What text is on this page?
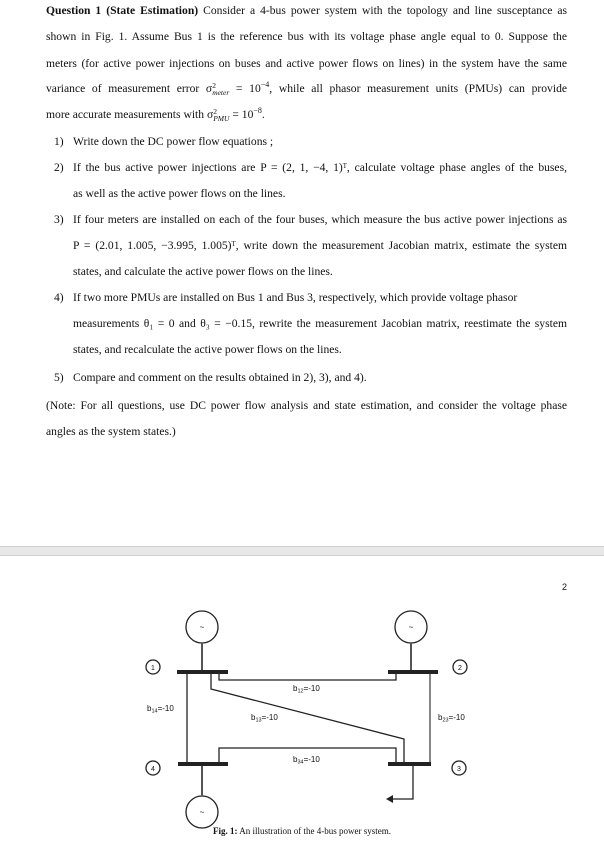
Question 1 (State Estimation) Consider a 4-bus power system with the topology and line susceptance as
shown in Fig. 1. Assume Bus 1 is the reference bus with its voltage phase angle equal to 0. Suppose the
meters (for active power injections on buses and active power flows on lines) in the system have the same
variance of measurement error σ2
meter = $10^{-4}$, while all phasor measurement units (PMUs) can provide
more accurate measurements with σ2
PMU = $10^{-8}$.
1) Write down the DC power flow equations ;
2) If the bus active power injections are P = (2, 1, −4, 1)ᵀ, calculate voltage phase angles of the buses,
as well as the active power flows on the lines.
3) If four meters are installed on each of the four buses, which measure the bus active power injections as
P = (2.01, 1.005, −3.995, 1.005)ᵀ, write down the measurement Jacobian matrix, estimate the system
states, and calculate the active power flows on the lines.
4) If two more PMUs are installed on Bus 1 and Bus 3, respectively, which provide voltage phasor
measurements θ₁ = 0 and θ₃ = −0.15, rewrite the measurement Jacobian matrix, reestimate the system
states, and recalculate the active power flows on the lines.
5) Compare and comment on the results obtained in 2), 3), and 4).
(Note: For all questions, use DC power flow analysis and state estimation, and consider the voltage phase
angles as the system states.)
2
~	~
~
1	2
3
4
b12=-10
b14=-10
b13=-10	b23=-10
b34=-10
Fig. 1: An illustration of the 4-bus power system.
